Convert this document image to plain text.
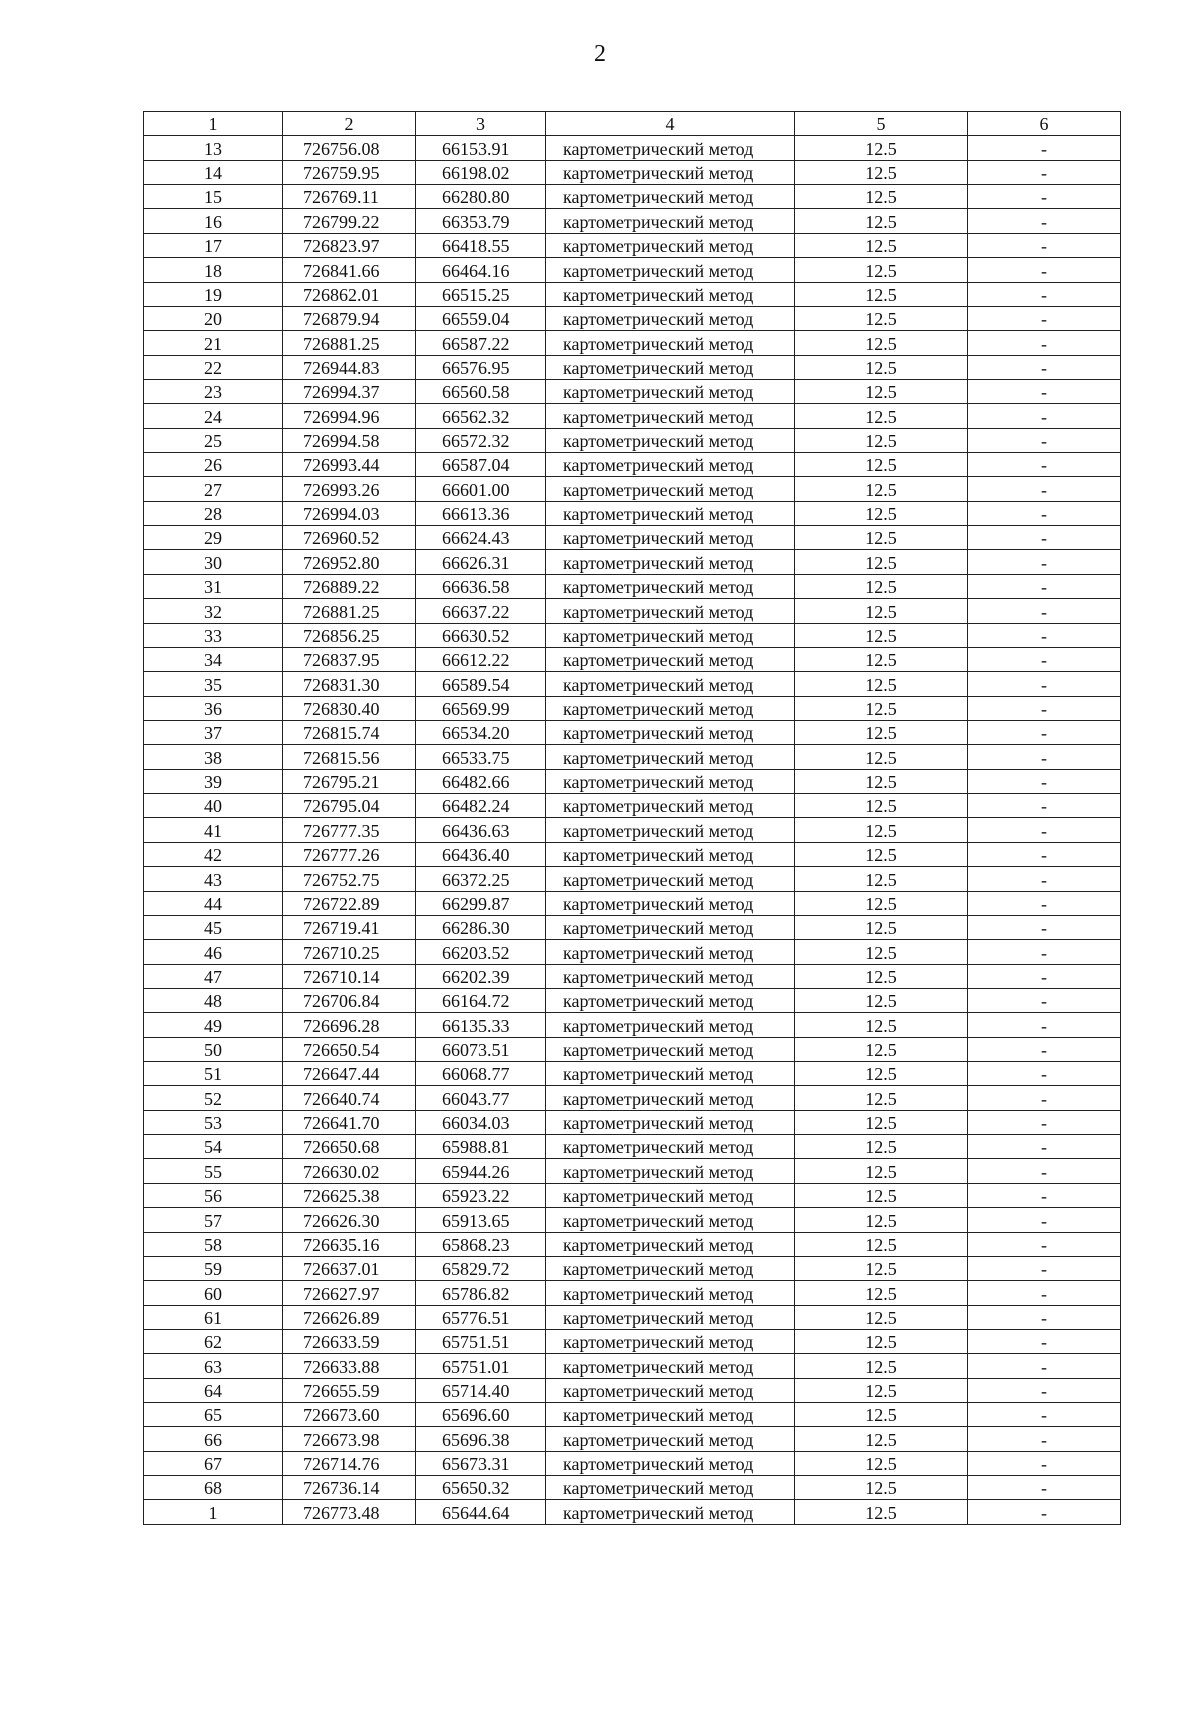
2
1	2	3	4	5	6
13	726756.08	66153.91	картометрический метод	12.5	-
14	726759.95	66198.02	картометрический метод	12.5	-
15	726769.11	66280.80	картометрический метод	12.5	-
16	726799.22	66353.79	картометрический метод	12.5	-
17	726823.97	66418.55	картометрический метод	12.5	-
18	726841.66	66464.16	картометрический метод	12.5	-
19	726862.01	66515.25	картометрический метод	12.5	-
20	726879.94	66559.04	картометрический метод	12.5	-
21	726881.25	66587.22	картометрический метод	12.5	-
22	726944.83	66576.95	картометрический метод	12.5	-
23	726994.37	66560.58	картометрический метод	12.5	-
24	726994.96	66562.32	картометрический метод	12.5	-
25	726994.58	66572.32	картометрический метод	12.5	-
26	726993.44	66587.04	картометрический метод	12.5	-
27	726993.26	66601.00	картометрический метод	12.5	-
28	726994.03	66613.36	картометрический метод	12.5	-
29	726960.52	66624.43	картометрический метод	12.5	-
30	726952.80	66626.31	картометрический метод	12.5	-
31	726889.22	66636.58	картометрический метод	12.5	-
32	726881.25	66637.22	картометрический метод	12.5	-
33	726856.25	66630.52	картометрический метод	12.5	-
34	726837.95	66612.22	картометрический метод	12.5	-
35	726831.30	66589.54	картометрический метод	12.5	-
36	726830.40	66569.99	картометрический метод	12.5	-
37	726815.74	66534.20	картометрический метод	12.5	-
38	726815.56	66533.75	картометрический метод	12.5	-
39	726795.21	66482.66	картометрический метод	12.5	-
40	726795.04	66482.24	картометрический метод	12.5	-
41	726777.35	66436.63	картометрический метод	12.5	-
42	726777.26	66436.40	картометрический метод	12.5	-
43	726752.75	66372.25	картометрический метод	12.5	-
44	726722.89	66299.87	картометрический метод	12.5	-
45	726719.41	66286.30	картометрический метод	12.5	-
46	726710.25	66203.52	картометрический метод	12.5	-
47	726710.14	66202.39	картометрический метод	12.5	-
48	726706.84	66164.72	картометрический метод	12.5	-
49	726696.28	66135.33	картометрический метод	12.5	-
50	726650.54	66073.51	картометрический метод	12.5	-
51	726647.44	66068.77	картометрический метод	12.5	-
52	726640.74	66043.77	картометрический метод	12.5	-
53	726641.70	66034.03	картометрический метод	12.5	-
54	726650.68	65988.81	картометрический метод	12.5	-
55	726630.02	65944.26	картометрический метод	12.5	-
56	726625.38	65923.22	картометрический метод	12.5	-
57	726626.30	65913.65	картометрический метод	12.5	-
58	726635.16	65868.23	картометрический метод	12.5	-
59	726637.01	65829.72	картометрический метод	12.5	-
60	726627.97	65786.82	картометрический метод	12.5	-
61	726626.89	65776.51	картометрический метод	12.5	-
62	726633.59	65751.51	картометрический метод	12.5	-
63	726633.88	65751.01	картометрический метод	12.5	-
64	726655.59	65714.40	картометрический метод	12.5	-
65	726673.60	65696.60	картометрический метод	12.5	-
66	726673.98	65696.38	картометрический метод	12.5	-
67	726714.76	65673.31	картометрический метод	12.5	-
68	726736.14	65650.32	картометрический метод	12.5	-
1	726773.48	65644.64	картометрический метод	12.5	-
